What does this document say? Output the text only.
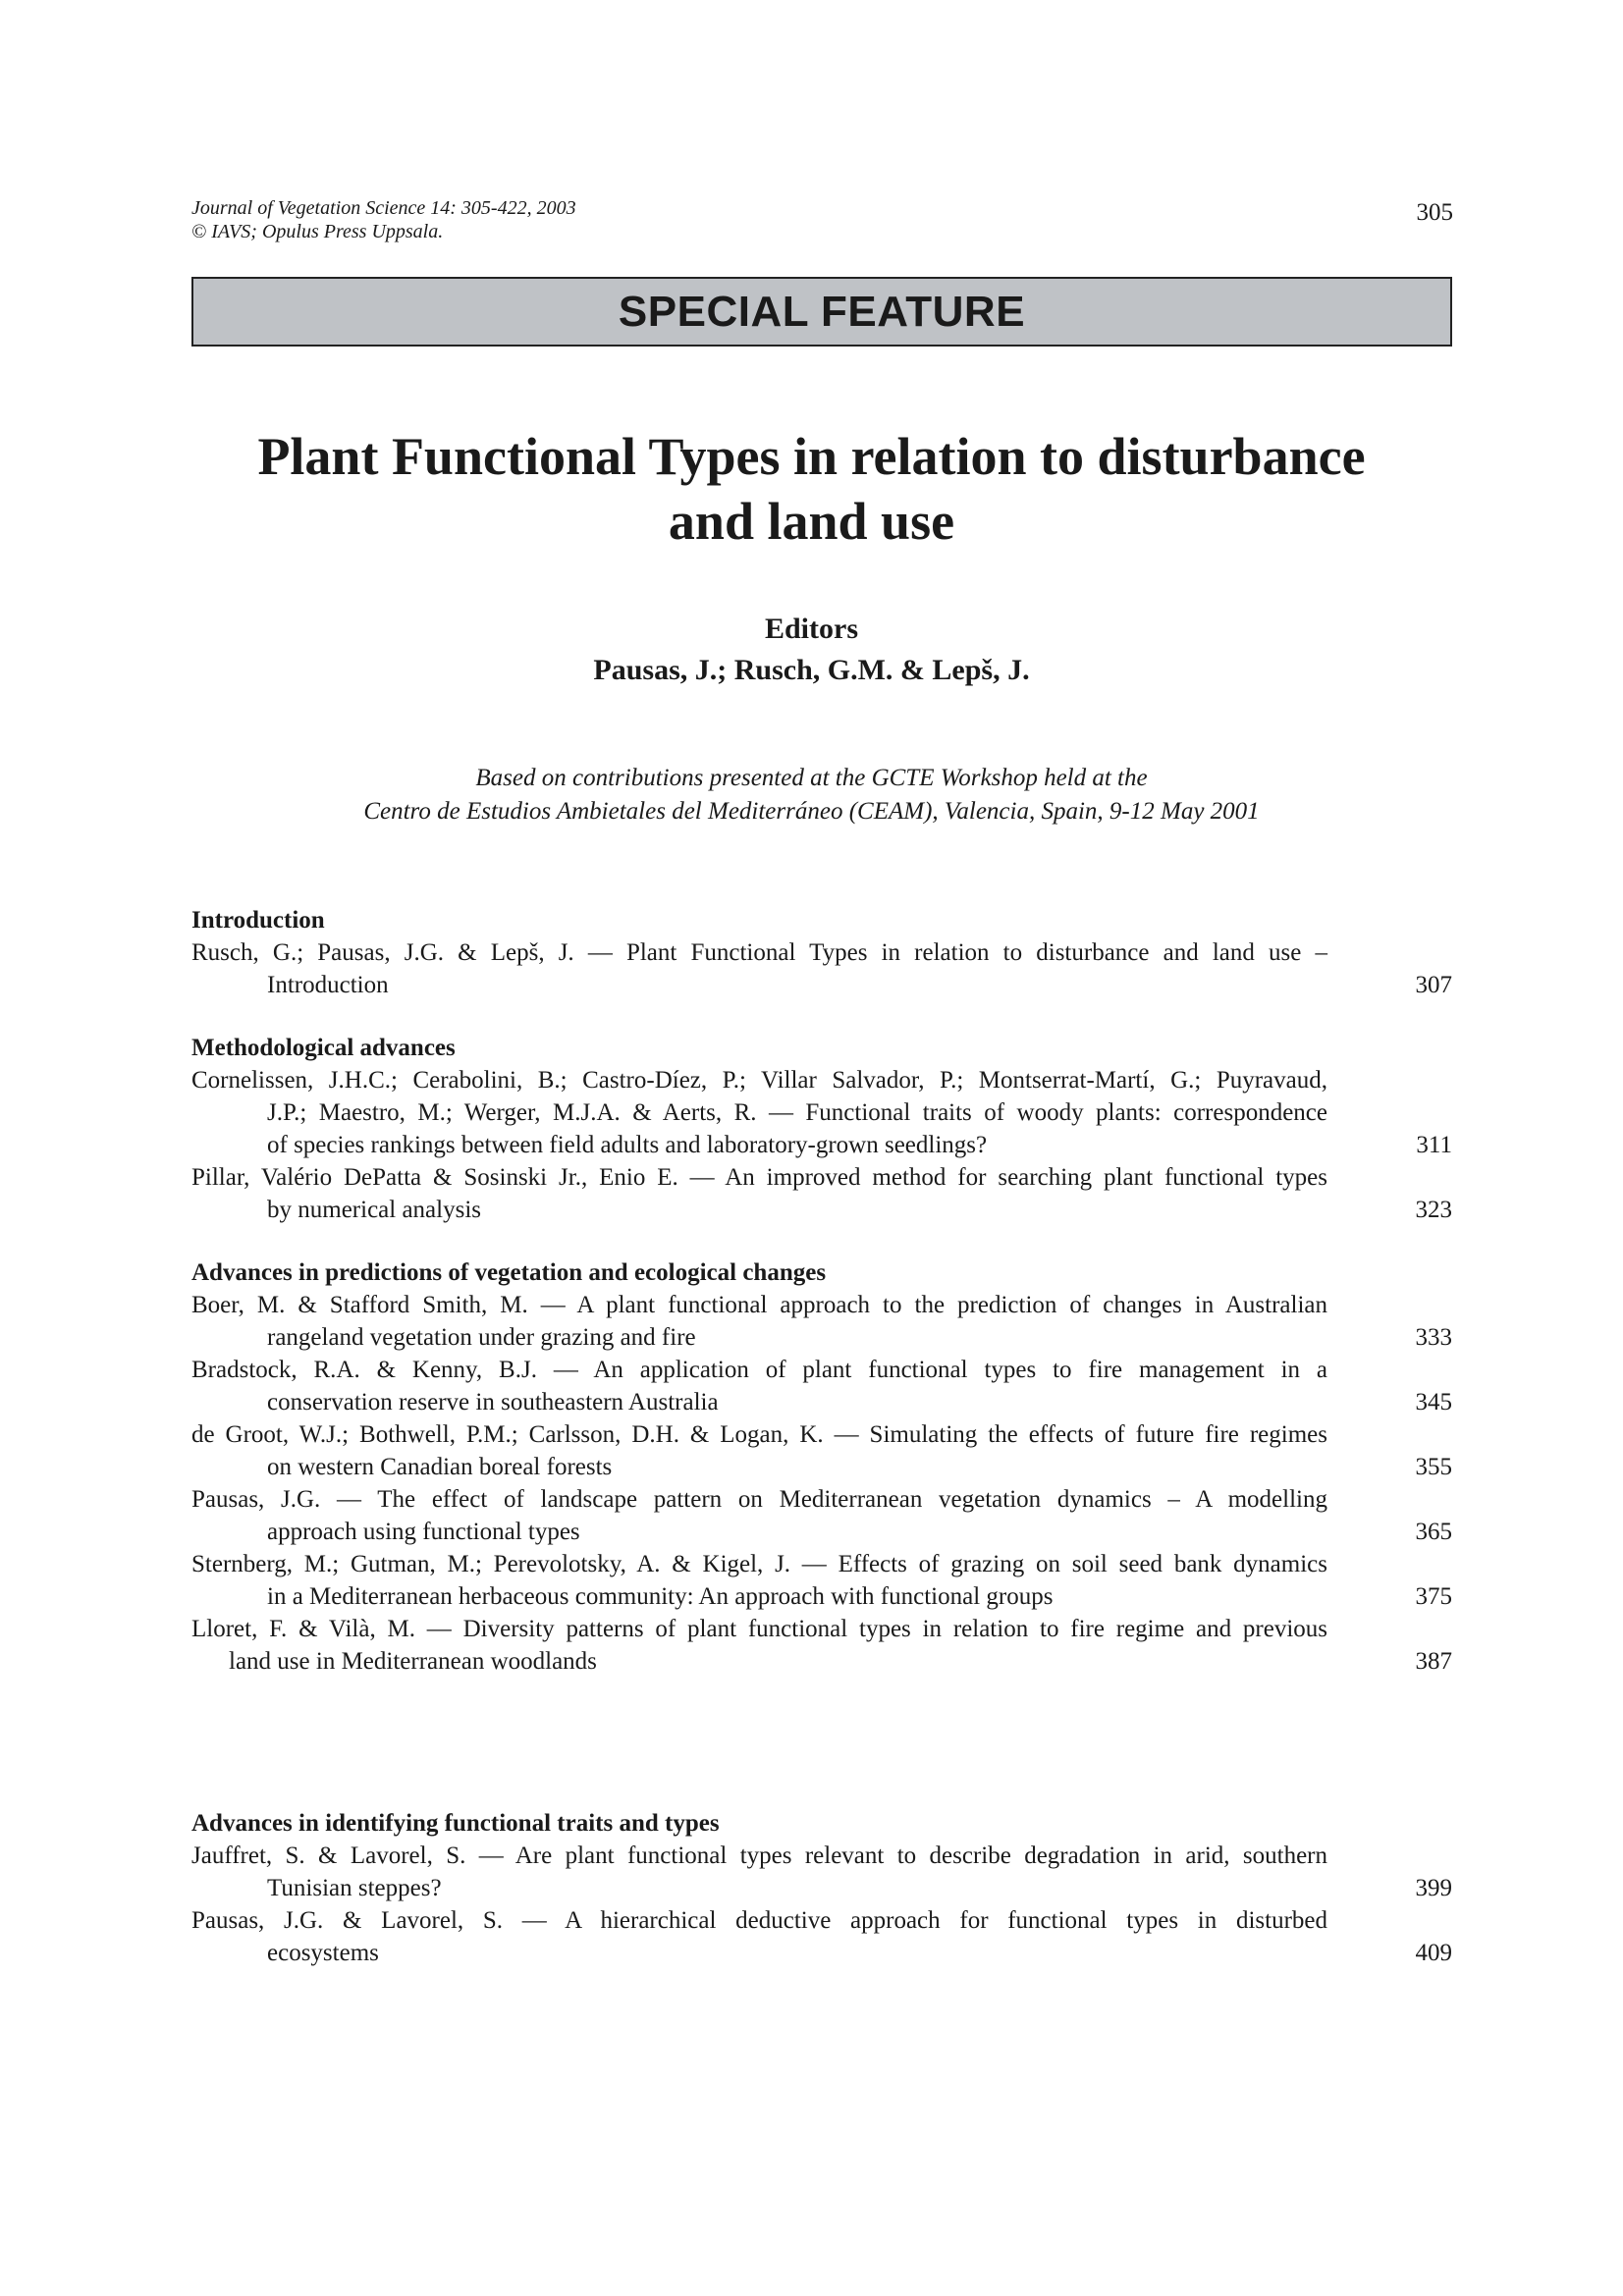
Journal of Vegetation Science 14: 305-422, 2003
© IAVS; Opulus Press Uppsala.
305
SPECIAL FEATURE
Plant Functional Types in relation to disturbance
and land use
Editors
Pausas, J.; Rusch, G.M. & Lepš, J.
Based on contributions presented at the GCTE Workshop held at the
Centro de Estudios Ambietales del Mediterráneo (CEAM), Valencia, Spain, 9-12 May 2001
Introduction
Rusch, G.; Pausas, J.G. & Lepš, J. — Plant Functional Types in relation to disturbance and land use –
Introduction	307
Methodological advances
Cornelissen, J.H.C.; Cerabolini, B.; Castro-Díez, P.; Villar Salvador, P.; Montserrat-Martí, G.; Puyravaud,
J.P.; Maestro, M.; Werger, M.J.A. & Aerts, R. — Functional traits of woody plants: correspondence
of species rankings between field adults and laboratory-grown seedlings?	311
Pillar, Valério DePatta & Sosinski Jr., Enio E. — An improved method for searching plant functional types
by numerical analysis	323
Advances in predictions of vegetation and ecological changes
Boer, M. & Stafford Smith, M. — A plant functional approach to the prediction of changes in Australian
rangeland vegetation under grazing and fire	333
Bradstock, R.A. & Kenny, B.J. — An application of plant functional types to fire management in a
conservation reserve in southeastern Australia	345
de Groot, W.J.; Bothwell, P.M.; Carlsson, D.H. & Logan, K. — Simulating the effects of future fire regimes
on western Canadian boreal forests	355
Pausas, J.G. — The effect of landscape pattern on Mediterranean vegetation dynamics – A modelling
approach using functional types	365
Sternberg, M.; Gutman, M.; Perevolotsky, A. & Kigel, J. — Effects of grazing on soil seed bank dynamics
in a Mediterranean herbaceous community: An approach with functional groups	375
Lloret, F. & Vilà, M. — Diversity patterns of plant functional types in relation to fire regime and previous
land use in Mediterranean woodlands	387
Advances in identifying functional traits and types
Jauffret, S. & Lavorel, S. — Are plant functional types relevant to describe degradation in arid, southern
Tunisian steppes?	399
Pausas, J.G. & Lavorel, S. — A hierarchical deductive approach for functional types in disturbed
ecosystems	409
